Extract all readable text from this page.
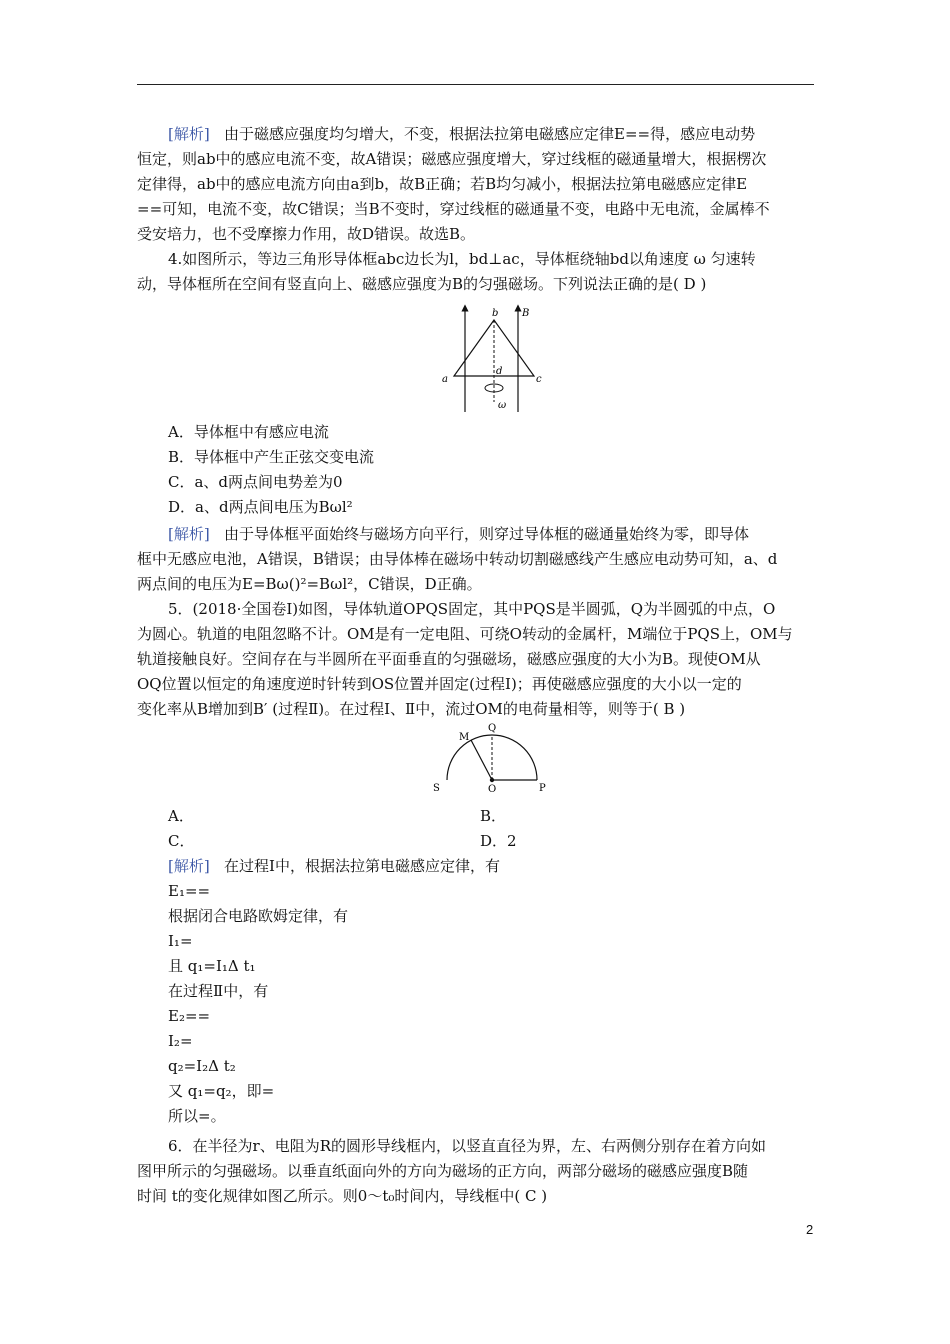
[解析] 由于磁感应强度均匀增大，不变，根据法拉第电磁感应定律E==得，感应电动势
恒定，则ab中的感应电流不变，故A错误；磁感应强度增大，穿过线框的磁通量增大，根据楞次
定律得，ab中的感应电流方向由a到b，故B正确；若B均匀减小，根据法拉第电磁感应定律E
==可知，电流不变，故C错误；当B不变时，穿过线框的磁通量不变，电路中无电流，金属棒不
受安培力，也不受摩擦力作用，故D错误。故选B。
4.如图所示，等边三角形导体框abc边长为l，bd⊥ac，导体框绕轴bd以角速度 ω 匀速转
动，导体框所在空间有竖直向上、磁感应强度为B的匀强磁场。下列说法正确的是( D )
b B
a
d
c
ω
A．导体框中有感应电流
B．导体框中产生正弦交变电流
C．a、d两点间电势差为0
D．a、d两点间电压为Bωl²
[解析] 由于导体框平面始终与磁场方向平行，则穿过导体框的磁通量始终为零，即导体
框中无感应电池，A错误，B错误；由导体棒在磁场中转动切割磁感线产生感应电动势可知，a、d
两点间的电压为E=Bω()²=Bωl²，C错误，D正确。
5．(2018·全国卷Ⅰ)如图，导体轨道OPQS固定，其中PQS是半圆弧，Q为半圆弧的中点，O
为圆心。轨道的电阻忽略不计。OM是有一定电阻、可绕O转动的金属杆，M端位于PQS上，OM与
轨道接触良好。空间存在与半圆所在平面垂直的匀强磁场，磁感应强度的大小为B。现使OM从
OQ位置以恒定的角速度逆时针转到OS位置并固定(过程Ⅰ)；再使磁感应强度的大小以一定的
变化率从B增加到B′ (过程Ⅱ)。在过程Ⅰ、Ⅱ中，流过OM的电荷量相等，则等于( B )
M
Q
S	O	P
A．	B．
C．	D．2
[解析] 在过程Ⅰ中，根据法拉第电磁感应定律，有
E₁==
根据闭合电路欧姆定律，有
I₁=
且 q₁=I₁Δ t₁
在过程Ⅱ中，有
E₂==
I₂=
q₂=I₂Δ t₂
又 q₁=q₂，即=
所以=。
6．在半径为r、电阻为R的圆形导线框内，以竖直直径为界，左、右两侧分别存在着方向如
图甲所示的匀强磁场。以垂直纸面向外的方向为磁场的正方向，两部分磁场的磁感应强度B随
时间 t的变化规律如图乙所示。则0～t₀时间内，导线框中( C )
2
